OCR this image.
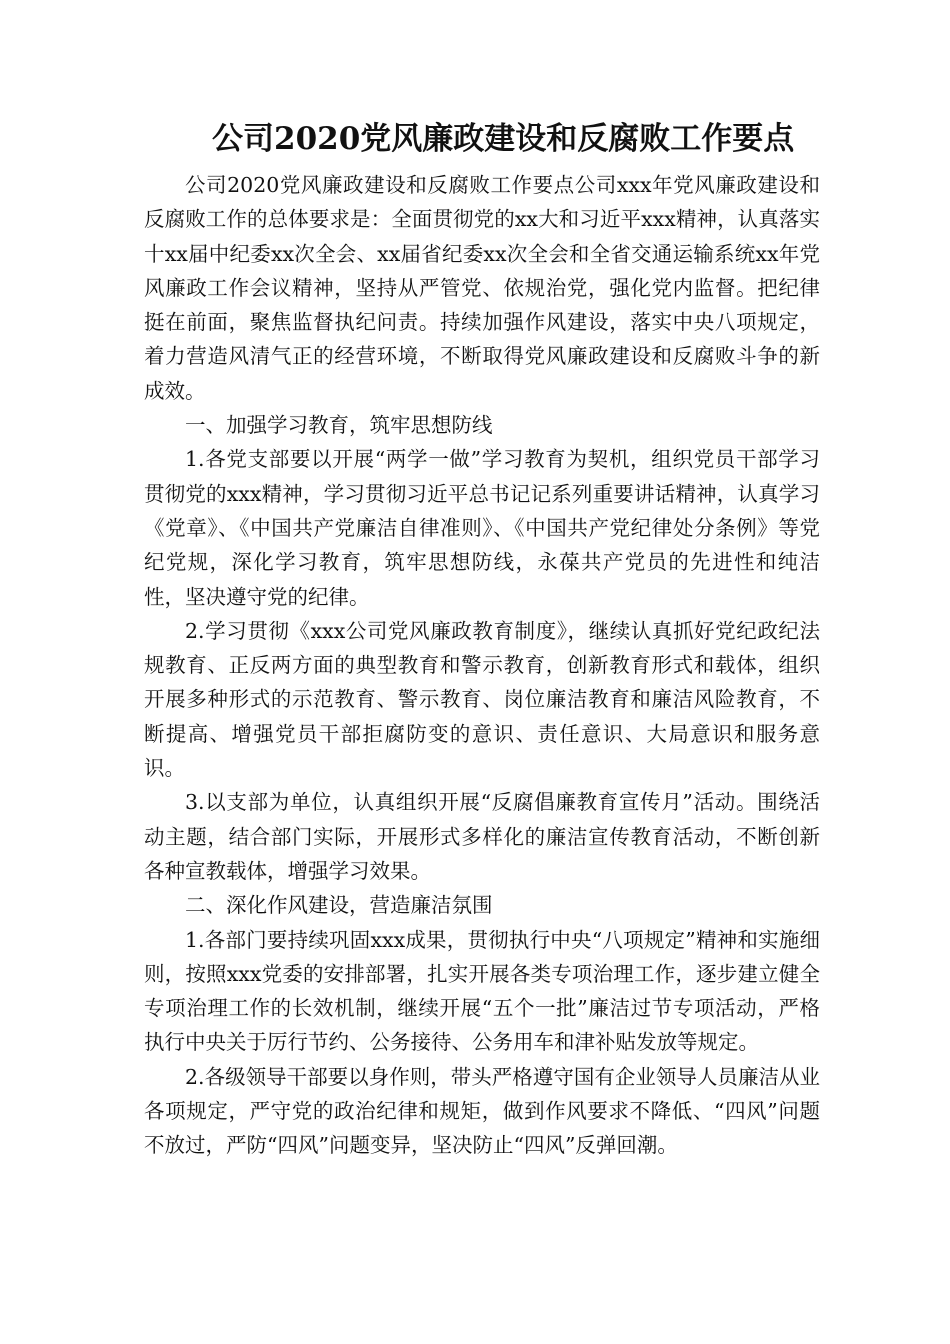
公司2020党风廉政建设和反腐败工作要点

公司2020党风廉政建设和反腐败工作要点公司xxx年党风廉政建设和反腐败工作的总体要求是：全面贯彻党的xx大和习近平xxx精神，认真落实十xx届中纪委xx次全会、xx届省纪委xx次全会和全省交通运输系统xx年党风廉政工作会议精神，坚持从严管党、依规治党，强化党内监督。把纪律挺在前面，聚焦监督执纪问责。持续加强作风建设，落实中央八项规定，着力营造风清气正的经营环境，不断取得党风廉政建设和反腐败斗争的新成效。

一、加强学习教育，筑牢思想防线

1.各党支部要以开展“两学一做”学习教育为契机，组织党员干部学习贯彻党的xxx精神，学习贯彻习近平总书记记系列重要讲话精神，认真学习《党章》、《中国共产党廉洁自律准则》、《中国共产党纪律处分条例》等党纪党规，深化学习教育，筑牢思想防线，永葆共产党员的先进性和纯洁性，坚决遵守党的纪律。

2.学习贯彻《xxx公司党风廉政教育制度》，继续认真抓好党纪政纪法规教育、正反两方面的典型教育和警示教育，创新教育形式和载体，组织开展多种形式的示范教育、警示教育、岗位廉洁教育和廉洁风险教育，不断提高、增强党员干部拒腐防变的意识、责任意识、大局意识和服务意识。

3.以支部为单位，认真组织开展“反腐倡廉教育宣传月”活动。围绕活动主题，结合部门实际，开展形式多样化的廉洁宣传教育活动，不断创新各种宣教载体，增强学习效果。

二、深化作风建设，营造廉洁氛围

1.各部门要持续巩固xxx成果，贯彻执行中央“八项规定”精神和实施细则，按照xxx党委的安排部署，扎实开展各类专项治理工作，逐步建立健全专项治理工作的长效机制，继续开展“五个一批”廉洁过节专项活动，严格执行中央关于厉行节约、公务接待、公务用车和津补贴发放等规定。

2.各级领导干部要以身作则，带头严格遵守国有企业领导人员廉洁从业各项规定，严守党的政治纪律和规矩，做到作风要求不降低、“四风”问题不放过，严防“四风”问题变异，坚决防止“四风”反弹回潮。
